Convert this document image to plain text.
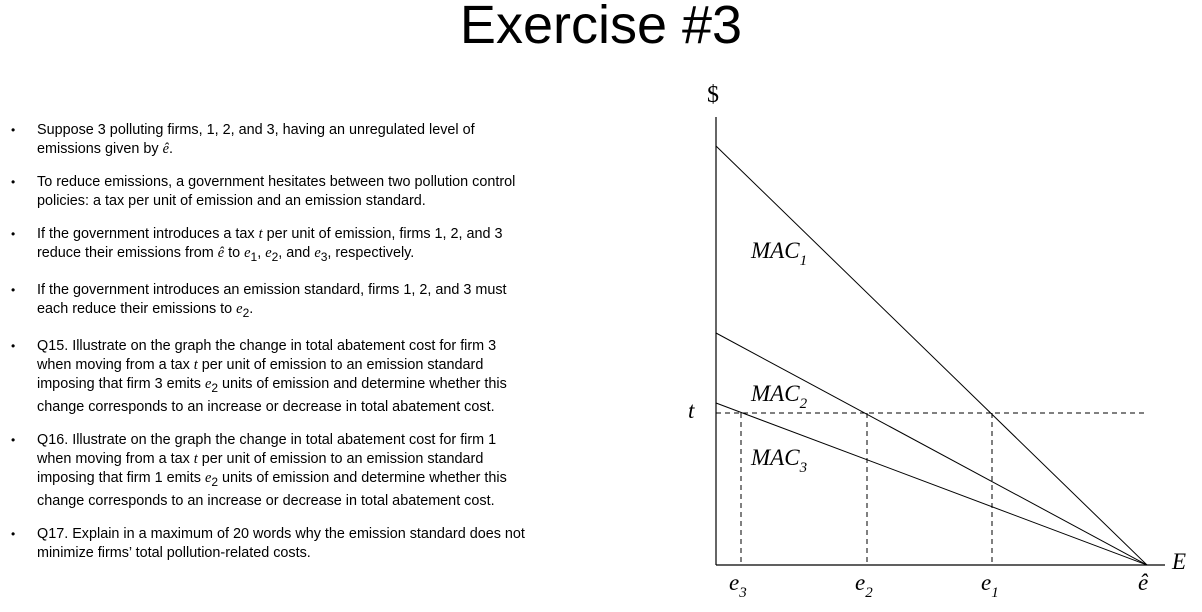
Exercise #3
•

Suppose 3 polluting firms, 1, 2, and 3, having an unregulated level of
emissions given by ê.

•

To reduce emissions, a government hesitates between two pollution control
policies: a tax per unit of emission and an emission standard.

•

If the government introduces a tax t per unit of emission, firms 1, 2, and 3
reduce their emissions from ê to $e_1$, $e_2$, and $e_3$, respectively.

•

If the government introduces an emission standard, firms 1, 2, and 3 must
each reduce their emissions to $e_2$.

•

Q15. Illustrate on the graph the change in total abatement cost for firm 3
when moving from a tax t per unit of emission to an emission standard
imposing that firm 3 emits $e_2$ units of emission and determine whether this
change corresponds to an increase or decrease in total abatement cost.

•

Q16. Illustrate on the graph the change in total abatement cost for firm 1
when moving from a tax t per unit of emission to an emission standard
imposing that firm 1 emits $e_2$ units of emission and determine whether this
change corresponds to an increase or decrease in total abatement cost.

•

Q17. Explain in a maximum of 20 words why the emission standard does not
minimize firms’ total pollution-related costs.

$
E
t
$MAC_1$
$MAC_2$
$MAC_3$
$e_3$	$e_2$	$e_1$	ê
